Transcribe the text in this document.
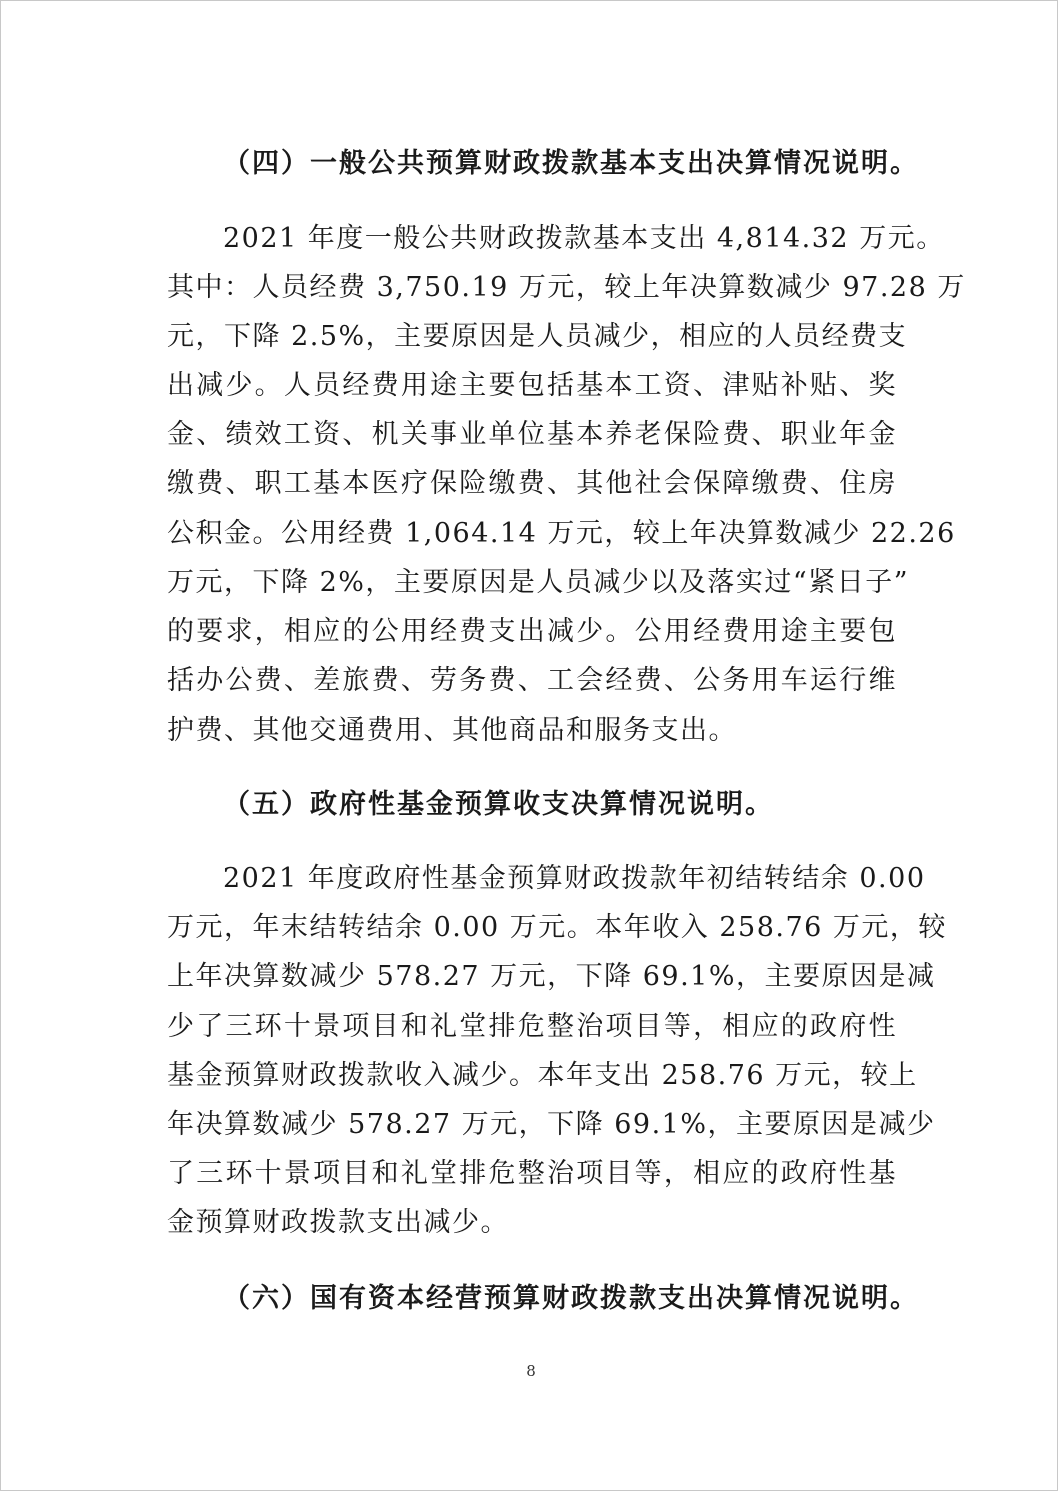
（四）一般公共预算财政拨款基本支出决算情况说明。
2021 年度一般公共财政拨款基本支出 4,814.32 万元。
其中：人员经费 3,750.19 万元，较上年决算数减少 97.28 万
元，下降 2.5%，主要原因是人员减少，相应的人员经费支
出减少。人员经费用途主要包括基本工资、津贴补贴、奖
金、绩效工资、机关事业单位基本养老保险费、职业年金
缴费、职工基本医疗保险缴费、其他社会保障缴费、住房
公积金。公用经费 1,064.14 万元，较上年决算数减少 22.26
万元，下降 2%，主要原因是人员减少以及落实过“紧日子”
的要求，相应的公用经费支出减少。公用经费用途主要包
括办公费、差旅费、劳务费、工会经费、公务用车运行维
护费、其他交通费用、其他商品和服务支出。
（五）政府性基金预算收支决算情况说明。
2021 年度政府性基金预算财政拨款年初结转结余 0.00
万元，年末结转结余 0.00 万元。本年收入 258.76 万元，较
上年决算数减少 578.27 万元，下降 69.1%，主要原因是减
少了三环十景项目和礼堂排危整治项目等，相应的政府性
基金预算财政拨款收入减少。本年支出 258.76 万元，较上
年决算数减少 578.27 万元，下降 69.1%，主要原因是减少
了三环十景项目和礼堂排危整治项目等，相应的政府性基
金预算财政拨款支出减少。
（六）国有资本经营预算财政拨款支出决算情况说明。
8
